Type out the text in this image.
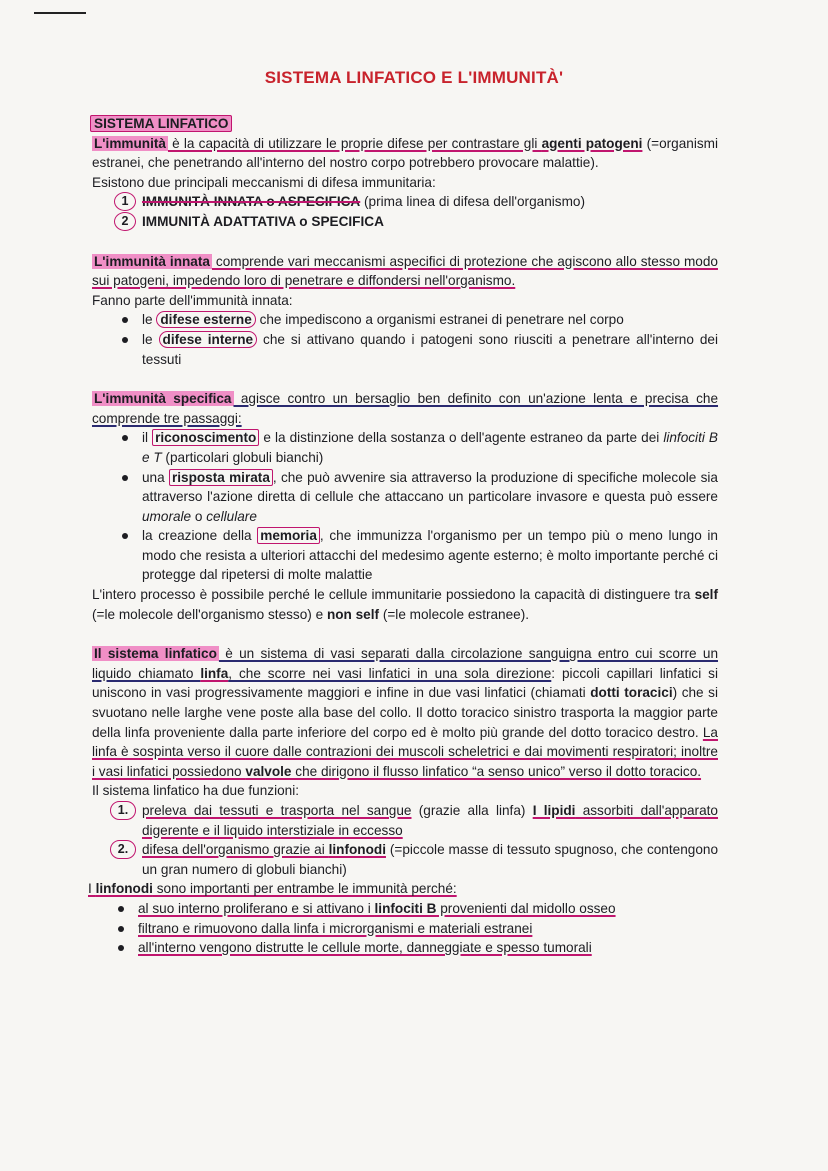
SISTEMA LINFATICO E L'IMMUNITÀ'

SISTEMA LINFATICO

L'immunità è la capacità di utilizzare le proprie difese per contrastare gli agenti patogeni (=organismi estranei, che penetrando all'interno del nostro corpo potrebbero provocare malattie).

Esistono due principali meccanismi di difesa immunitaria:

1 IMMUNITÀ INNATA o ASPECIFICA (prima linea di difesa dell'organismo)
2 IMMUNITÀ ADATTATIVA o SPECIFICA

L'immunità innata comprende vari meccanismi aspecifici di protezione che agiscono allo stesso modo sui patogeni, impedendo loro di penetrare e diffondersi nell'organismo.

Fanno parte dell'immunità innata:

le difese esterne che impediscono a organismi estranei di penetrare nel corpo
le difese interne che si attivano quando i patogeni sono riusciti a penetrare all'interno dei tessuti

L'immunità specifica agisce contro un bersaglio ben definito con un'azione lenta e precisa che comprende tre passaggi:

il riconoscimento e la distinzione della sostanza o dell'agente estraneo da parte dei linfociti B e T (particolari globuli bianchi)
una risposta mirata , che può avvenire sia attraverso la produzione di specifiche molecole sia attraverso l'azione diretta di cellule che attaccano un particolare invasore e questa può essere umorale o cellulare
la creazione della memoria , che immunizza l'organismo per un tempo più o meno lungo in modo che resista a ulteriori attacchi del medesimo agente esterno; è molto importante perché ci protegge dal ripetersi di molte malattie

L'intero processo è possibile perché le cellule immunitarie possiedono la capacità di distinguere tra self (=le molecole dell'organismo stesso) e non self (=le molecole estranee).

Il sistema linfatico è un sistema di vasi separati dalla circolazione sanguigna entro cui scorre un liquido chiamato linfa, che scorre nei vasi linfatici in una sola direzione: piccoli capillari linfatici si uniscono in vasi progressivamente maggiori e infine in due vasi linfatici (chiamati dotti toracici) che si svuotano nelle larghe vene poste alla base del collo. Il dotto toracico sinistro trasporta la maggior parte della linfa proveniente dalla parte inferiore del corpo ed è molto più grande del dotto toracico destro. La linfa è sospinta verso il cuore dalle contrazioni dei muscoli scheletrici e dai movimenti respiratori; inoltre i vasi linfatici possiedono valvole che dirigono il flusso linfatico “a senso unico” verso il dotto toracico.

Il sistema linfatico ha due funzioni:

1.	preleva dai tessuti e trasporta nel sangue (grazie alla linfa) I lipidi assorbiti dall'apparato digerente e il liquido interstiziale in eccesso
2.	difesa dell'organismo grazie ai linfonodi (=piccole masse di tessuto spugnoso, che contengono un gran numero di globuli bianchi)

I linfonodi sono importanti per entrambe le immunità perché:

al suo interno proliferano e si attivano i linfociti B provenienti dal midollo osseo
filtrano e rimuovono dalla linfa i microrganismi e materiali estranei
all'interno vengono distrutte le cellule morte, danneggiate e spesso tumorali
